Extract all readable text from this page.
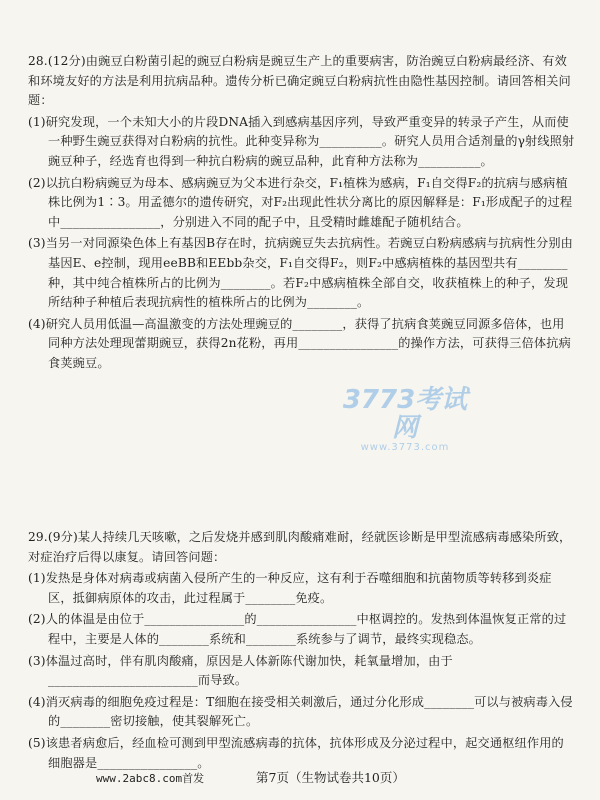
28.(12分)由豌豆白粉菌引起的豌豆白粉病是豌豆生产上的重要病害，防治豌豆白粉病最经济、有效和环境友好的方法是利用抗病品种。遗传分析已确定豌豆白粉病抗性由隐性基因控制。请回答相关问题：

(1)研究发现，一个未知大小的片段DNA插入到感病基因序列，导致严重变异的转录子产生，从而使一种野生豌豆获得对白粉病的抗性。此种变异称为__________。研究人员用合适剂量的γ射线照射豌豆种子，经选育也得到一种抗白粉病的豌豆品种，此育种方法称为__________。

(2)以抗白粉病豌豆为母本、感病豌豆为父本进行杂交，F₁植株为感病，F₁自交得F₂的抗病与感病植株比例为1∶3。用孟德尔的遗传研究，对F₂出现此性状分离比的原因解释是：F₁形成配子的过程中________________，分别进入不同的配子中，且受精时雌雄配子随机结合。

(3)当另一对同源染色体上有基因B存在时，抗病豌豆失去抗病性。若豌豆白粉病感病与抗病性分别由基因E、e控制，现用eeBB和EEbb杂交，F₁自交得F₂，则F₂中感病植株的基因型共有________种，其中纯合植株所占的比例为________。若F₂中感病植株全部自交，收获植株上的种子，发现所结种子种植后表现抗病性的植株所占的比例为________。

(4)研究人员用低温—高温激变的方法处理豌豆的________，获得了抗病食荚豌豆同源多倍体，也用同种方法处理现蕾期豌豆，获得2n花粉，再用________________的操作方法，可获得三倍体抗病食荚豌豆。

29.(9分)某人持续几天咳嗽，之后发烧并感到肌肉酸痛难耐，经就医诊断是甲型流感病毒感染所致，对症治疗后得以康复。请回答问题：

(1)发热是身体对病毒或病菌入侵所产生的一种反应，这有利于吞噬细胞和抗菌物质等转移到炎症区，抵御病原体的攻击，此过程属于________免疫。

(2)人的体温是由位于________________的________________中枢调控的。发热到体温恢复正常的过程中，主要是人体的________系统和________系统参与了调节，最终实现稳态。

(3)体温过高时，伴有肌肉酸痛，原因是人体新陈代谢加快，耗氧量增加，由于________________________而导致。

(4)消灭病毒的细胞免疫过程是：T细胞在接受相关刺激后，通过分化形成________可以与被病毒入侵的________密切接触，使其裂解死亡。

(5)该患者病愈后，经血检可测到甲型流感病毒的抗体，抗体形成及分泌过程中，起交通枢纽作用的细胞器是________________。

3773考试网
www.3773.com
www.2abc8.com首发	第7页（生物试卷共10页）
